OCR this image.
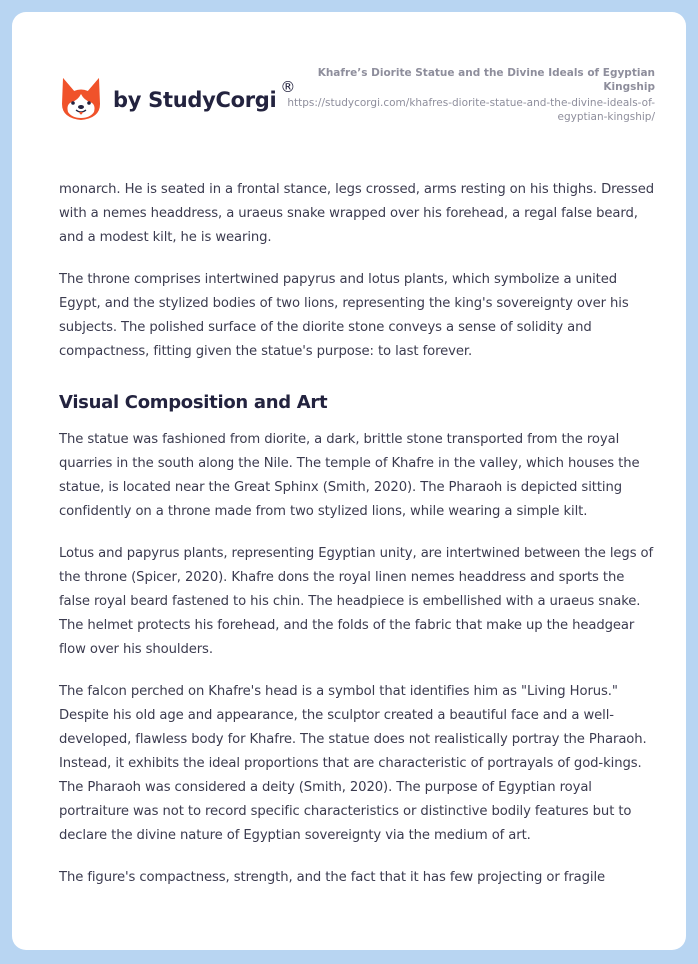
by StudyCorgi
®
Khafre’s Diorite Statue and the Divine Ideals of Egyptian Kingship
https://studycorgi.com/khafres-diorite-statue-and-the-divine-ideals-of-egyptian-kingship/

monarch. He is seated in a frontal stance, legs crossed, arms resting on his thighs. Dressed with a nemes headdress, a uraeus snake wrapped over his forehead, a regal false beard, and a modest kilt, he is wearing.

The throne comprises intertwined papyrus and lotus plants, which symbolize a united Egypt, and the stylized bodies of two lions, representing the king's sovereignty over his subjects. The polished surface of the diorite stone conveys a sense of solidity and compactness, fitting given the statue's purpose: to last forever.

Visual Composition and Art

The statue was fashioned from diorite, a dark, brittle stone transported from the royal quarries in the south along the Nile. The temple of Khafre in the valley, which houses the statue, is located near the Great Sphinx (Smith, 2020). The Pharaoh is depicted sitting confidently on a throne made from two stylized lions, while wearing a simple kilt.

Lotus and papyrus plants, representing Egyptian unity, are intertwined between the legs of the throne (Spicer, 2020). Khafre dons the royal linen nemes headdress and sports the false royal beard fastened to his chin. The headpiece is embellished with a uraeus snake. The helmet protects his forehead, and the folds of the fabric that make up the headgear flow over his shoulders.

The falcon perched on Khafre's head is a symbol that identifies him as "Living Horus." Despite his old age and appearance, the sculptor created a beautiful face and a well-developed, flawless body for Khafre. The statue does not realistically portray the Pharaoh. Instead, it exhibits the ideal proportions that are characteristic of portrayals of god-kings. The Pharaoh was considered a deity (Smith, 2020). The purpose of Egyptian royal portraiture was not to record specific characteristics or distinctive bodily features but to declare the divine nature of Egyptian sovereignty via the medium of art.

The figure's compactness, strength, and the fact that it has few projecting or fragile
